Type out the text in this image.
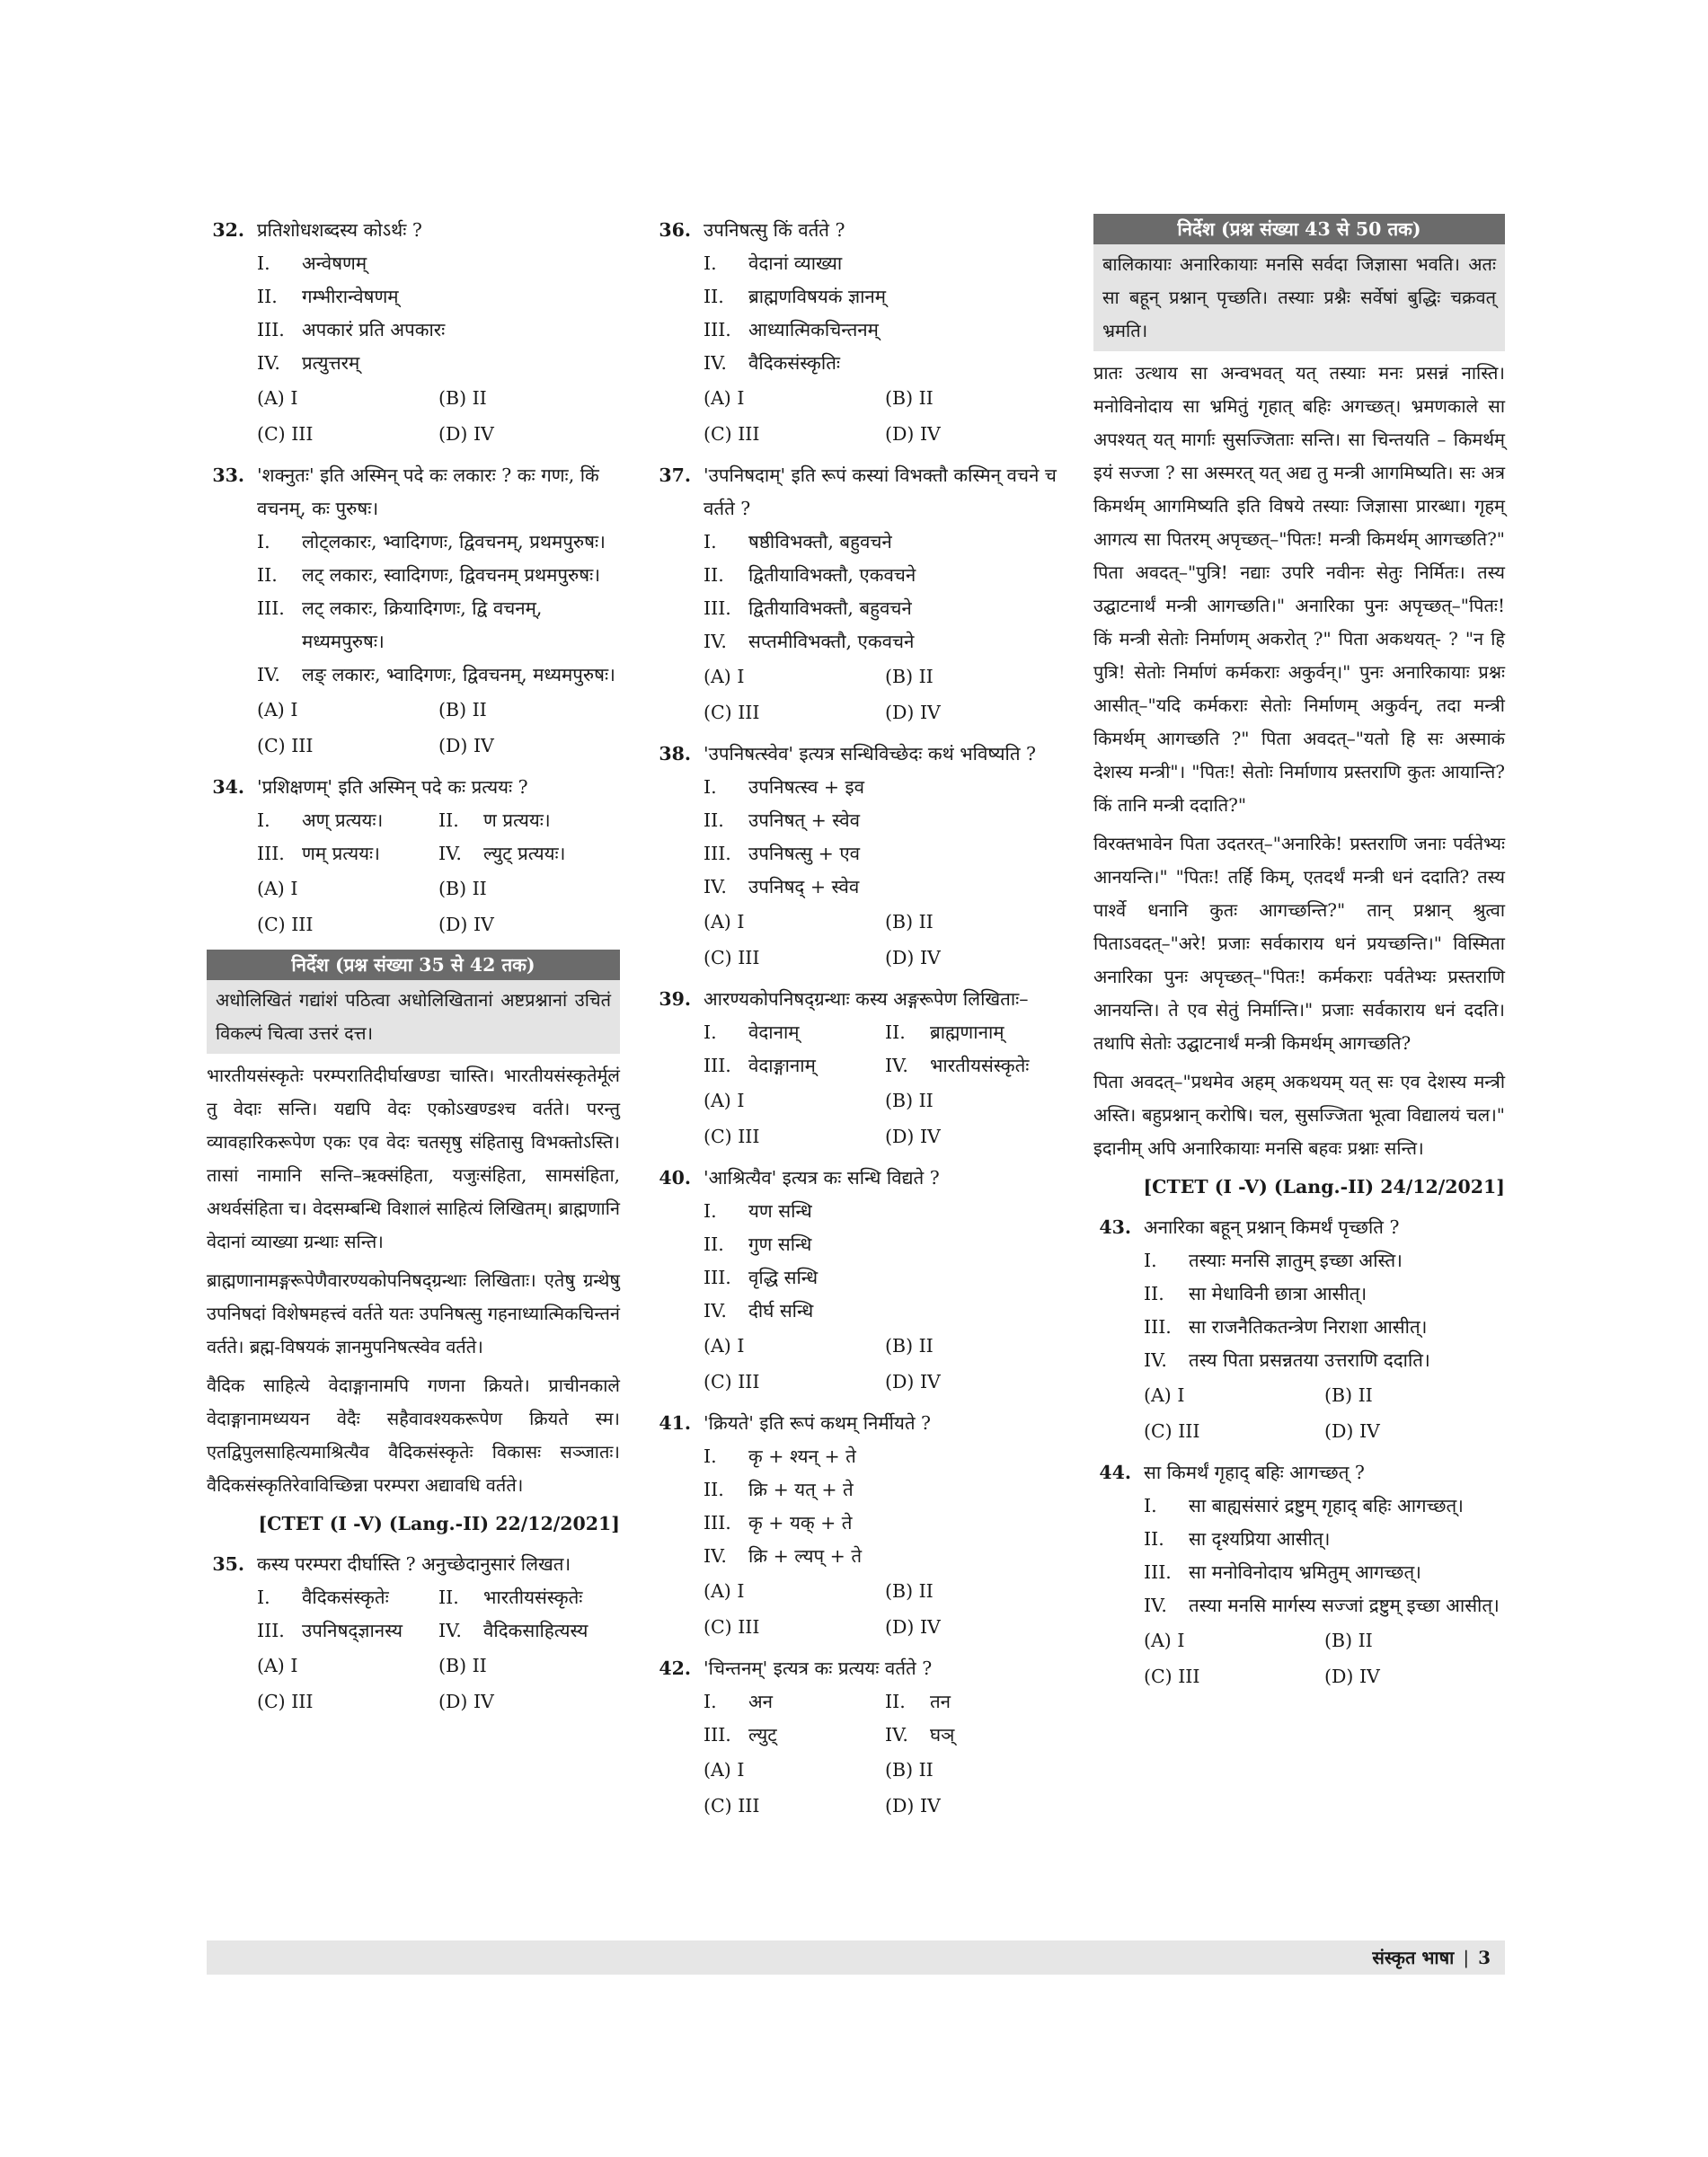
32. प्रतिशोधशब्दस्य कोऽर्थः ?
I.	अन्वेषणम्
II.	गम्भीरान्वेषणम्
III. अपकारं प्रति अपकारः
IV.	प्रत्युत्तरम्
(A) I	(B) II
(C) III	(D) IV
33. 'शक्नुतः' इति अस्मिन् पदे कः लकारः ? कः गणः, किं वचनम्, कः पुरुषः।
I.	लोट्लकारः, भ्वादिगणः, द्विवचनम्, प्रथमपुरुषः।
II.	लट् लकारः, स्वादिगणः, द्विवचनम् प्रथमपुरुषः।
III. लट् लकारः, क्रियादिगणः, द्वि वचनम्, मध्यमपुरुषः।
IV.	लङ् लकारः, भ्वादिगणः, द्विवचनम्, मध्यमपुरुषः।
(A) I	(B) II
(C) III	(D) IV
34. 'प्रशिक्षणम्' इति अस्मिन् पदे कः प्रत्ययः ?
I.	अण् प्रत्ययः।	II.	ण प्रत्ययः।
III. णम् प्रत्ययः।	IV.	ल्युट् प्रत्ययः।
(A) I	(B) II
(C) III	(D) IV
निर्देश (प्रश्न संख्या 35 से 42 तक)
अधोलिखितं गद्यांशं पठित्वा अधोलिखितानां अष्टप्रश्नानां उचितं विकल्पं चित्वा उत्तरं दत्त।

भारतीयसंस्कृतेः परम्परातिदीर्घाखण्डा चास्ति। भारतीयसंस्कृतेर्मूलं तु वेदाः सन्ति। यद्यपि वेदः एकोऽखण्डश्च वर्तते। परन्तु व्यावहारिकरूपेण एकः एव वेदः चतसृषु संहितासु विभक्तोऽस्ति। तासां नामानि सन्ति–ऋक्संहिता, यजुःसंहिता, सामसंहिता, अथर्वसंहिता च। वेदसम्बन्धि विशालं साहित्यं लिखितम्। ब्राह्मणानि वेदानां व्याख्या ग्रन्थाः सन्ति।

ब्राह्मणानामङ्गरूपेणैवारण्यकोपनिषद्ग्रन्थाः लिखिताः। एतेषु ग्रन्थेषु उपनिषदां विशेषमहत्त्वं वर्तते यतः उपनिषत्सु गहनाध्यात्मिकचिन्तनं वर्तते। ब्रह्म-विषयकं ज्ञानमुपनिषत्स्वेव वर्तते।

वैदिक साहित्ये वेदाङ्गानामपि गणना क्रियते। प्राचीनकाले वेदाङ्गानामध्ययन वेदैः सहैवावश्यकरूपेण क्रियते स्म। एतद्विपुलसाहित्यमाश्रित्यैव वैदिकसंस्कृतेः विकासः सञ्जातः। वैदिकसंस्कृतिरेवाविच्छिन्ना परम्परा अद्यावधि वर्तते।

[CTET (I -V) (Lang.-II) 22/12/2021]
35. कस्य परम्परा दीर्घास्ति ? अनुच्छेदानुसारं लिखत।
I.	वैदिकसंस्कृतेः	II.	भारतीयसंस्कृतेः
III. उपनिषद्ज्ञानस्य	IV.	वैदिकसाहित्यस्य
(A) I	(B) II
(C) III	(D) IV
36. उपनिषत्सु किं वर्तते ?
I.	वेदानां व्याख्या
II.	ब्राह्मणविषयकं ज्ञानम्
III. आध्यात्मिकचिन्तनम्
IV.	वैदिकसंस्कृतिः
(A) I	(B) II
(C) III	(D) IV
37. 'उपनिषदाम्' इति रूपं कस्यां विभक्तौ कस्मिन् वचने च वर्तते ?
I.	षष्ठीविभक्तौ, बहुवचने
II.	द्वितीयाविभक्तौ, एकवचने
III. द्वितीयाविभक्तौ, बहुवचने
IV.	सप्तमीविभक्तौ, एकवचने
(A) I	(B) II
(C) III	(D) IV
38. 'उपनिषत्स्वेव' इत्यत्र सन्धिविच्छेदः कथं भविष्यति ?
I.	उपनिषत्स्व + इव
II.	उपनिषत् + स्वेव
III. उपनिषत्सु + एव
IV.	उपनिषद् + स्वेव
(A) I	(B) II
(C) III	(D) IV
39. आरण्यकोपनिषद्ग्रन्थाः कस्य अङ्गरूपेण लिखिताः–
I.	वेदानाम्	II.	ब्राह्मणानाम्
III. वेदाङ्गानाम्	IV.	भारतीयसंस्कृतेः
(A) I	(B) II
(C) III	(D) IV
40. 'आश्रित्यैव' इत्यत्र कः सन्धि विद्यते ?
I.	यण सन्धि
II.	गुण सन्धि
III. वृद्धि सन्धि
IV.	दीर्घ सन्धि
(A) I	(B) II
(C) III	(D) IV
41. 'क्रियते' इति रूपं कथम् निर्मीयते ?
I.	कृ + श्यन् + ते
II.	क्रि + यत् + ते
III. कृ + यक् + ते
IV.	क्रि + ल्यप् + ते
(A) I	(B) II
(C) III	(D) IV
42. 'चिन्तनम्' इत्यत्र कः प्रत्ययः वर्तते ?
I.	अन	II.	तन
III. ल्युट्	IV.	घञ्
(A) I	(B) II
(C) III	(D) IV
निर्देश (प्रश्न संख्या 43 से 50 तक)
बालिकायाः अनारिकायाः मनसि सर्वदा जिज्ञासा भवति। अतः सा बहून् प्रश्नान् पृच्छति। तस्याः प्रश्नैः सर्वेषां बुद्धिः चक्रवत् भ्रमति।

प्रातः उत्थाय सा अन्वभवत् यत् तस्याः मनः प्रसन्नं नास्ति। मनोविनोदाय सा भ्रमितुं गृहात् बहिः अगच्छत्। भ्रमणकाले सा अपश्यत् यत् मार्गाः सुसज्जिताः सन्ति। सा चिन्तयति – किमर्थम् इयं सज्जा ? सा अस्मरत् यत् अद्य तु मन्त्री आगमिष्यति। सः अत्र किमर्थम् आगमिष्यति इति विषये तस्याः जिज्ञासा प्रारब्धा। गृहम् आगत्य सा पितरम् अपृच्छत्–"पितः! मन्त्री किमर्थम् आगच्छति?" पिता अवदत्–"पुत्रि! नद्याः उपरि नवीनः सेतुः निर्मितः। तस्य उद्घाटनार्थं मन्त्री आगच्छति।" अनारिका पुनः अपृच्छत्–"पितः! किं मन्त्री सेतोः निर्माणम् अकरोत् ?" पिता अकथयत्- ? "न हि पुत्रि! सेतोः निर्माणं कर्मकराः अकुर्वन्।" पुनः अनारिकायाः प्रश्नः आसीत्–"यदि कर्मकराः सेतोः निर्माणम् अकुर्वन्, तदा मन्त्री किमर्थम् आगच्छति ?" पिता अवदत्–"यतो हि सः अस्माकं देशस्य मन्त्री"। "पितः! सेतोः निर्माणाय प्रस्तराणि कुतः आयान्ति? किं तानि मन्त्री ददाति?"

विरक्तभावेन पिता उदतरत्–"अनारिके! प्रस्तराणि जनाः पर्वतेभ्यः आनयन्ति।" "पितः! तर्हि किम्, एतदर्थं मन्त्री धनं ददाति? तस्य पार्श्वे धनानि कुतः आगच्छन्ति?" तान् प्रश्नान् श्रुत्वा पिताऽवदत्–"अरे! प्रजाः सर्वकाराय धनं प्रयच्छन्ति।" विस्मिता अनारिका पुनः अपृच्छत्–"पितः! कर्मकराः पर्वतेभ्यः प्रस्तराणि आनयन्ति। ते एव सेतुं निर्मान्ति।" प्रजाः सर्वकाराय धनं ददति। तथापि सेतोः उद्घाटनार्थं मन्त्री किमर्थम् आगच्छति?

पिता अवदत्–"प्रथमेव अहम् अकथयम् यत् सः एव देशस्य मन्त्री अस्ति। बहुप्रश्नान् करोषि। चल, सुसज्जिता भूत्वा विद्यालयं चल।" इदानीम् अपि अनारिकायाः मनसि बहवः प्रश्नाः सन्ति।

[CTET (I -V) (Lang.-II) 24/12/2021]
43. अनारिका बहून् प्रश्नान् किमर्थं पृच्छति ?
I.	तस्याः मनसि ज्ञातुम् इच्छा अस्ति।
II.	सा मेधाविनी छात्रा आसीत्।
III. सा राजनैतिकतन्त्रेण निराशा आसीत्।
IV.	तस्य पिता प्रसन्नतया उत्तराणि ददाति।
(A) I	(B) II
(C) III	(D) IV
44. सा किमर्थं गृहाद् बहिः आगच्छत् ?
I.	सा बाह्यसंसारं द्रष्टुम् गृहाद् बहिः आगच्छत्।
II.	सा दृश्यप्रिया आसीत्।
III. सा मनोविनोदाय भ्रमितुम् आगच्छत्।
IV.	तस्या मनसि मार्गस्य सज्जां द्रष्टुम् इच्छा आसीत्।
(A) I	(B) II
(C) III	(D) IV
संस्कृत भाषा | 3
